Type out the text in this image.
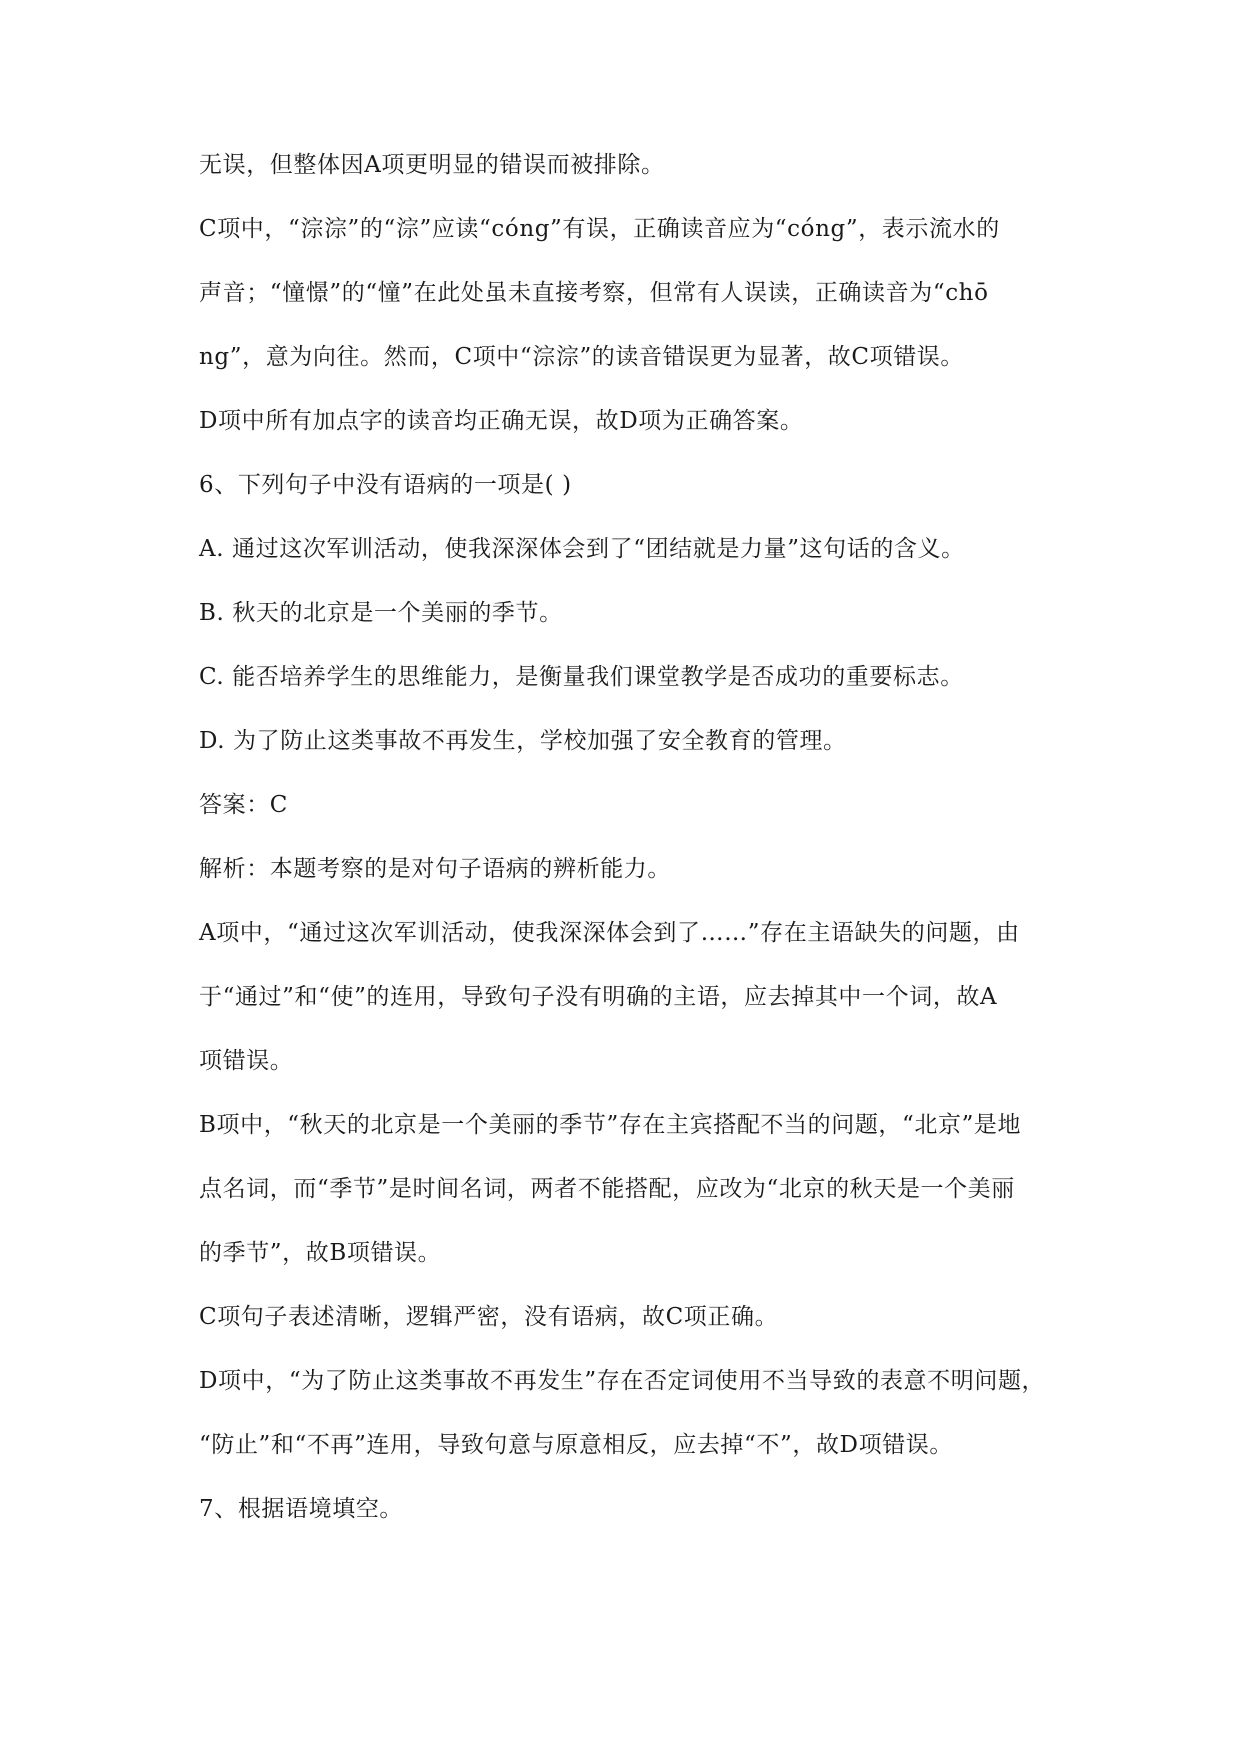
无误，但整体因A项更明显的错误而被排除。
C项中，“淙淙”的“淙”应读“cóng”有误，正确读音应为“cóng”，表示流水的
声音；“憧憬”的“憧”在此处虽未直接考察，但常有人误读，正确读音为“chō
ng”，意为向往。然而，C项中“淙淙”的读音错误更为显著，故C项错误。
D项中所有加点字的读音均正确无误，故D项为正确答案。
6、下列句子中没有语病的一项是( )
A. 通过这次军训活动，使我深深体会到了“团结就是力量”这句话的含义。
B. 秋天的北京是一个美丽的季节。
C. 能否培养学生的思维能力，是衡量我们课堂教学是否成功的重要标志。
D. 为了防止这类事故不再发生，学校加强了安全教育的管理。
答案：C
解析：本题考察的是对句子语病的辨析能力。
A项中，“通过这次军训活动，使我深深体会到了……”存在主语缺失的问题，由
于“通过”和“使”的连用，导致句子没有明确的主语，应去掉其中一个词，故A
项错误。
B项中，“秋天的北京是一个美丽的季节”存在主宾搭配不当的问题，“北京”是地
点名词，而“季节”是时间名词，两者不能搭配，应改为“北京的秋天是一个美丽
的季节”，故B项错误。
C项句子表述清晰，逻辑严密，没有语病，故C项正确。
D项中，“为了防止这类事故不再发生”存在否定词使用不当导致的表意不明问题，
“防止”和“不再”连用，导致句意与原意相反，应去掉“不”，故D项错误。
7、根据语境填空。
